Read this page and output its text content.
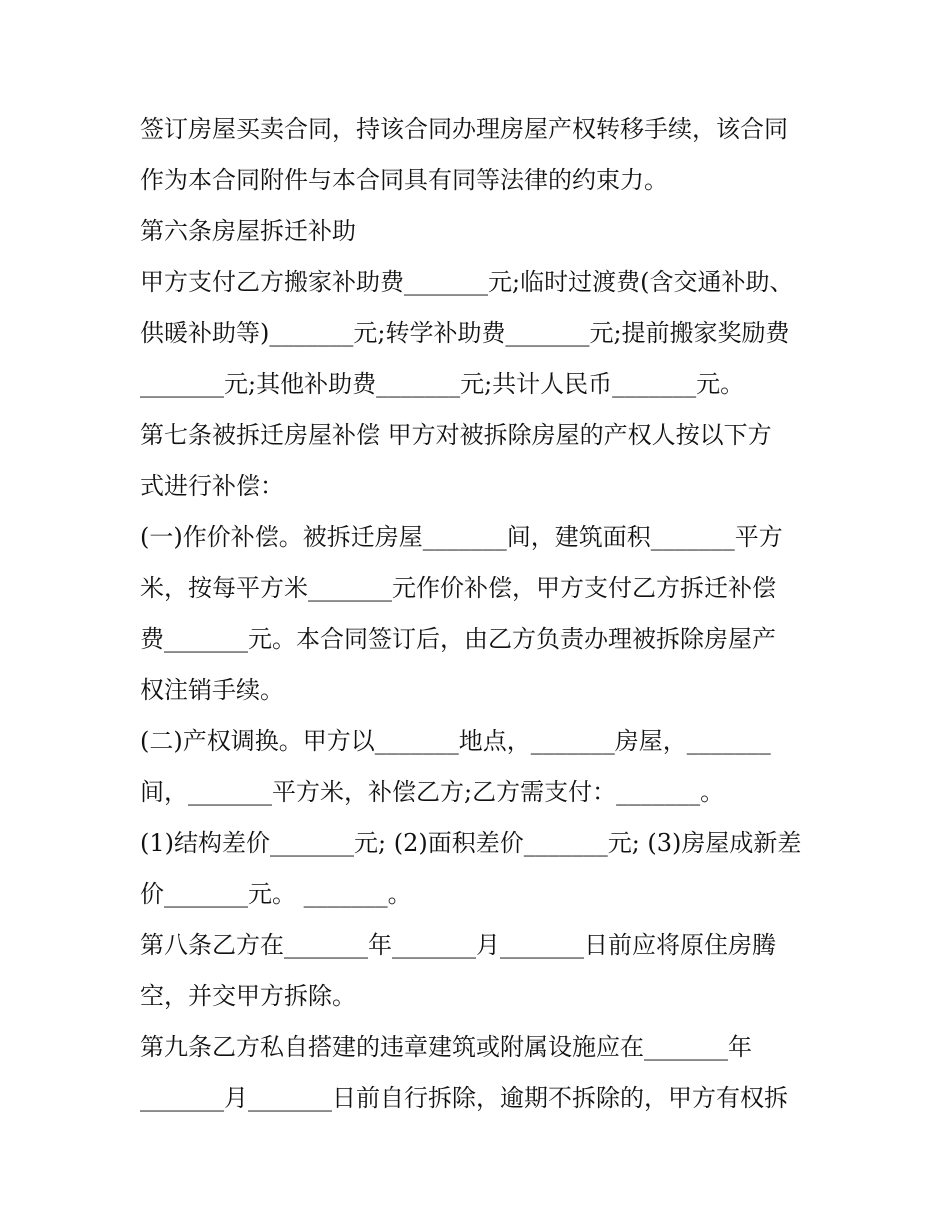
签订房屋买卖合同，持该合同办理房屋产权转移手续，该合同
作为本合同附件与本合同具有同等法律的约束力。
第六条房屋拆迁补助
甲方支付乙方搬家补助费_______元;临时过渡费(含交通补助、
供暖补助等)_______元;转学补助费_______元;提前搬家奖励费
_______元;其他补助费_______元;共计人民币_______元。
第七条被拆迁房屋补偿 甲方对被拆除房屋的产权人按以下方
式进行补偿：
(一)作价补偿。被拆迁房屋_______间，建筑面积_______平方
米，按每平方米_______元作价补偿，甲方支付乙方拆迁补偿
费_______元。本合同签订后，由乙方负责办理被拆除房屋产
权注销手续。
(二)产权调换。甲方以_______地点，_______房屋，_______
间，_______平方米，补偿乙方;乙方需支付：_______。
(1)结构差价_______元; (2)面积差价_______元; (3)房屋成新差
价_______元。 _______。
第八条乙方在_______年_______月_______日前应将原住房腾
空，并交甲方拆除。
第九条乙方私自搭建的违章建筑或附属设施应在_______年
_______月_______日前自行拆除，逾期不拆除的，甲方有权拆
